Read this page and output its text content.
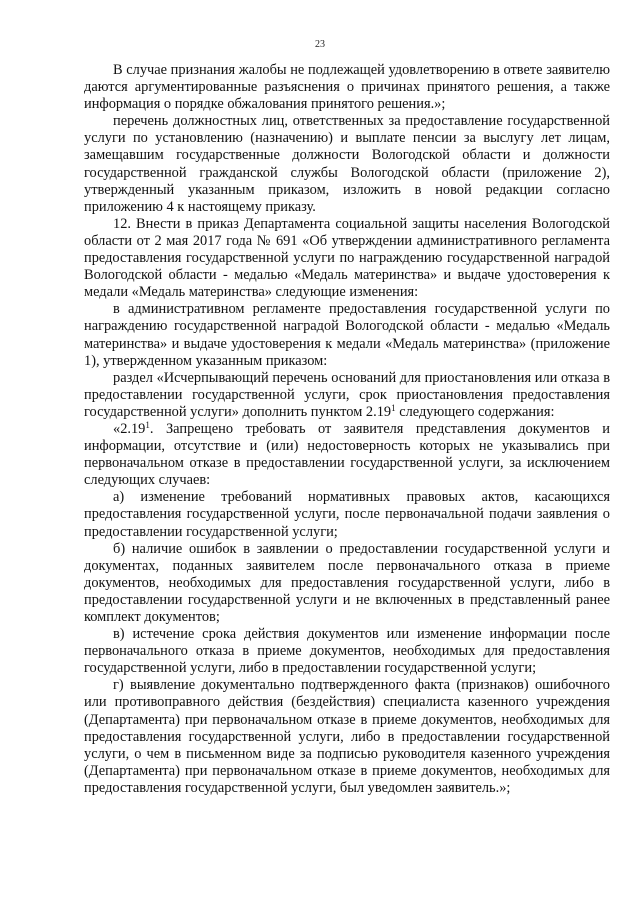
23

В случае признания жалобы не подлежащей удовлетворению в ответе заявителю даются аргументированные разъяснения о причинах принятого решения, а также информация о порядке обжалования принятого решения.»;

перечень должностных лиц, ответственных за предоставление государственной услуги по установлению (назначению) и выплате пенсии за выслугу лет лицам, замещавшим государственные должности Вологодской области и должности государственной гражданской службы Вологодской области (приложение 2), утвержденный указанным приказом, изложить в новой редакции согласно приложению 4 к настоящему приказу.

12. Внести в приказ Департамента социальной защиты населения Вологодской области от 2 мая 2017 года № 691 «Об утверждении административного регламента предоставления государственной услуги по награждению государственной наградой Вологодской области - медалью «Медаль материнства» и выдаче удостоверения к медали «Медаль материнства» следующие изменения:

в административном регламенте предоставления государственной услуги по награждению государственной наградой Вологодской области - медалью «Медаль материнства» и выдаче удостоверения к медали «Медаль материнства» (приложение 1), утвержденном указанным приказом:

раздел «Исчерпывающий перечень оснований для приостановления или отказа в предоставлении государственной услуги, срок приостановления предоставления государственной услуги» дополнить пунктом 2.19$^1$ следующего содержания:

«2.19$^1$. Запрещено требовать от заявителя представления документов и информации, отсутствие и (или) недостоверность которых не указывались при первоначальном отказе в предоставлении государственной услуги, за исключением следующих случаев:

а) изменение требований нормативных правовых актов, касающихся предоставления государственной услуги, после первоначальной подачи заявления о предоставлении государственной услуги;

б) наличие ошибок в заявлении о предоставлении государственной услуги и документах, поданных заявителем после первоначального отказа в приеме документов, необходимых для предоставления государственной услуги, либо в предоставлении государственной услуги и не включенных в представленный ранее комплект документов;

в) истечение срока действия документов или изменение информации после первоначального отказа в приеме документов, необходимых для предоставления государственной услуги, либо в предоставлении государственной услуги;

г) выявление документально подтвержденного факта (признаков) ошибочного или противоправного действия (бездействия) специалиста казенного учреждения (Департамента) при первоначальном отказе в приеме документов, необходимых для предоставления государственной услуги, либо в предоставлении государственной услуги, о чем в письменном виде за подписью руководителя казенного учреждения (Департамента) при первоначальном отказе в приеме документов, необходимых для предоставления государственной услуги, был уведомлен заявитель.»;
